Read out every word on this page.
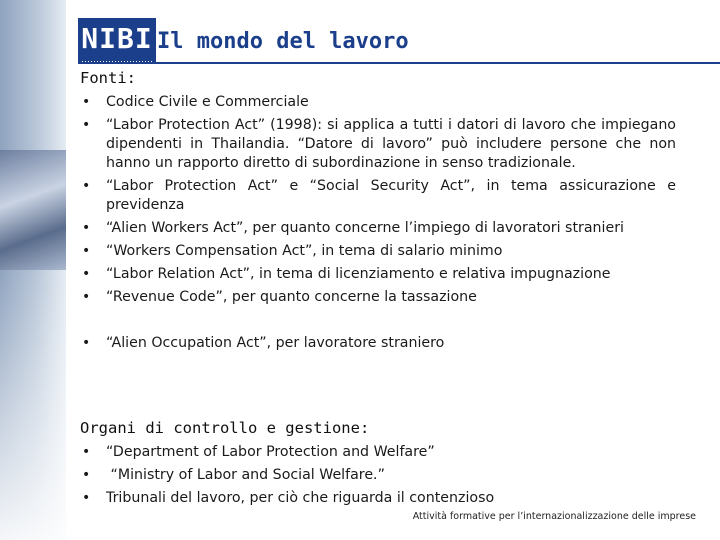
NIBI Il mondo del lavoro
Fonti:
• Codice Civile e Commerciale
• “Labor Protection Act” (1998): si applica a tutti i datori di lavoro che impiegano dipendenti in Thailandia. “Datore di lavoro” può includere persone che non hanno un rapporto diretto di subordinazione in senso tradizionale.
• “Labor Protection Act” e “Social Security Act”, in tema assicurazione e previdenza
• “Alien Workers Act”, per quanto concerne l’impiego di lavoratori stranieri
• “Workers Compensation Act”, in tema di salario minimo
• “Labor Relation Act”, in tema di licenziamento e relativa impugnazione
• “Revenue Code”, per quanto concerne la tassazione
• “Alien Occupation Act”, per lavoratore straniero
Organi di controllo e gestione:
• “Department of Labor Protection and Welfare”
• “Ministry of Labor and Social Welfare.”
• Tribunali del lavoro, per ciò che riguarda il contenzioso
Attività formative per l’internazionalizzazione delle imprese
